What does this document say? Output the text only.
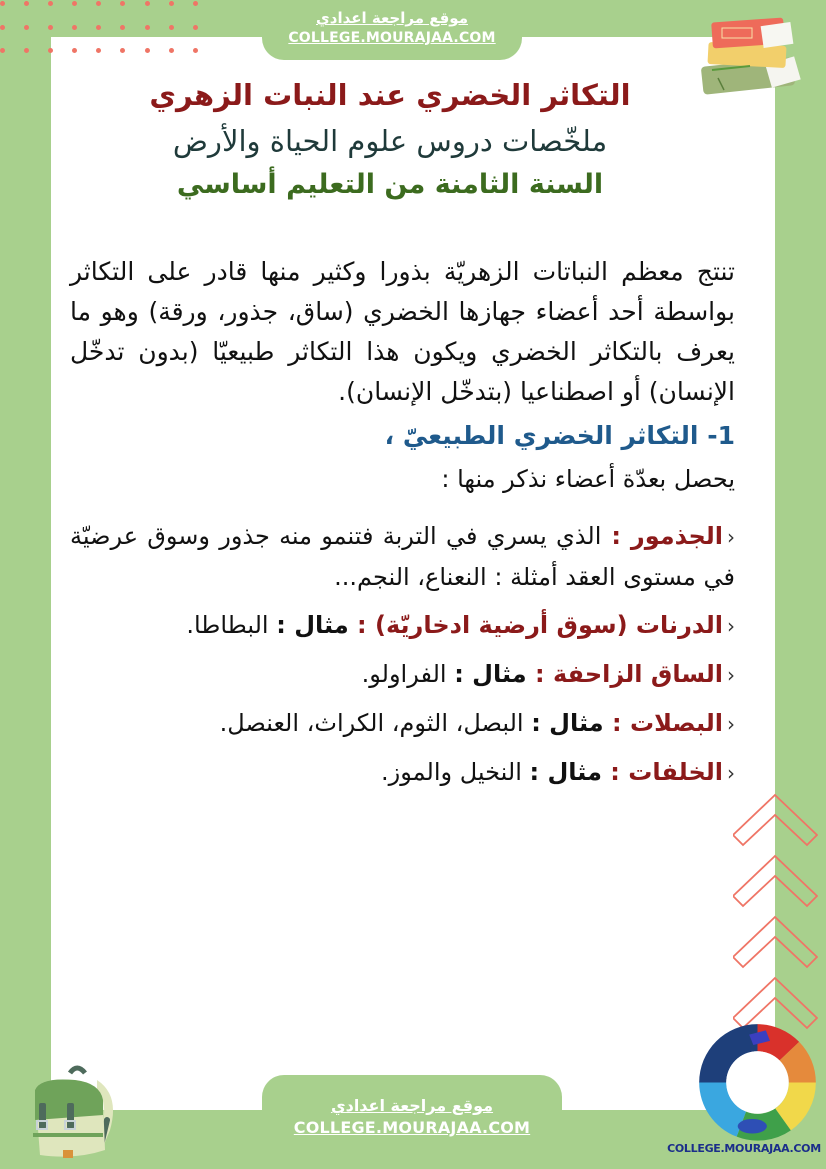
موقع مراجعة اعدادي
COLLEGE.MOURAJAA.COM
التكاثر الخضري عند النبات الزهري
ملخّصات دروس علوم الحياة والأرض
السنة الثامنة من التعليم أساسي

تنتج معظم النباتات الزهريّة بذورا وكثير منها قادر على التكاثر بواسطة أحد أعضاء جهازها الخضري (ساق، جذور، ورقة) وهو ما يعرف بالتكاثر الخضري ويكون هذا التكاثر طبيعيّا (بدون تدخّل الإنسان) أو اصطناعيا (بتدخّل الإنسان).

1- التكاثر الخضري الطبيعيّ ،
يحصل بعدّة أعضاء نذكر منها :
‹الجذمور : الذي يسري في التربة فتنمو منه جذور وسوق عرضيّة في مستوى العقد أمثلة : النعناع، النجم...
‹الدرنات (سوق أرضية ادخاريّة) : مثال : البطاطا.
‹الساق الزاحفة : مثال : الفراولو.
‹البصلات : مثال : البصل، الثوم، الكراث، العنصل.
‹الخلفات : مثال : النخيل والموز.
موقع مراجعة اعدادي
COLLEGE.MOURAJAA.COM
COLLEGE.MOURAJAA.COM
